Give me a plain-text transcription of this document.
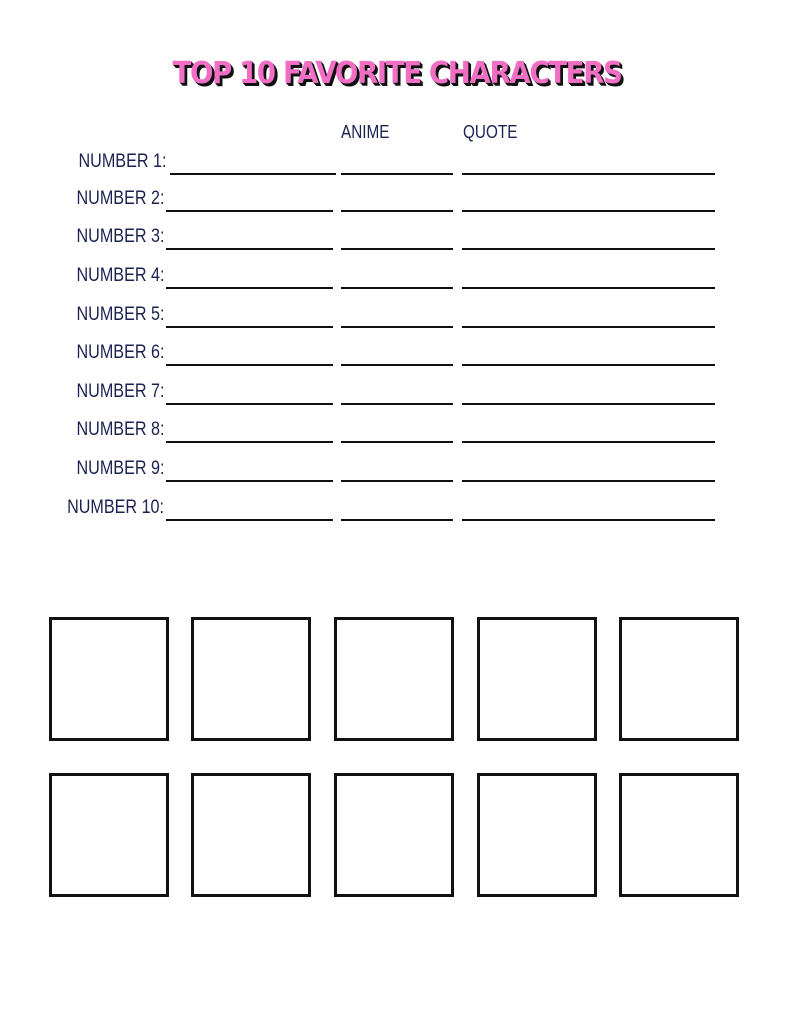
TOP 10 FAVORITE CHARACTERS
ANIME	QUOTE
NUMBER 1:
NUMBER 2:
NUMBER 3:
NUMBER 4:
NUMBER 5:
NUMBER 6:
NUMBER 7:
NUMBER 8:
NUMBER 9:
NUMBER 10:
